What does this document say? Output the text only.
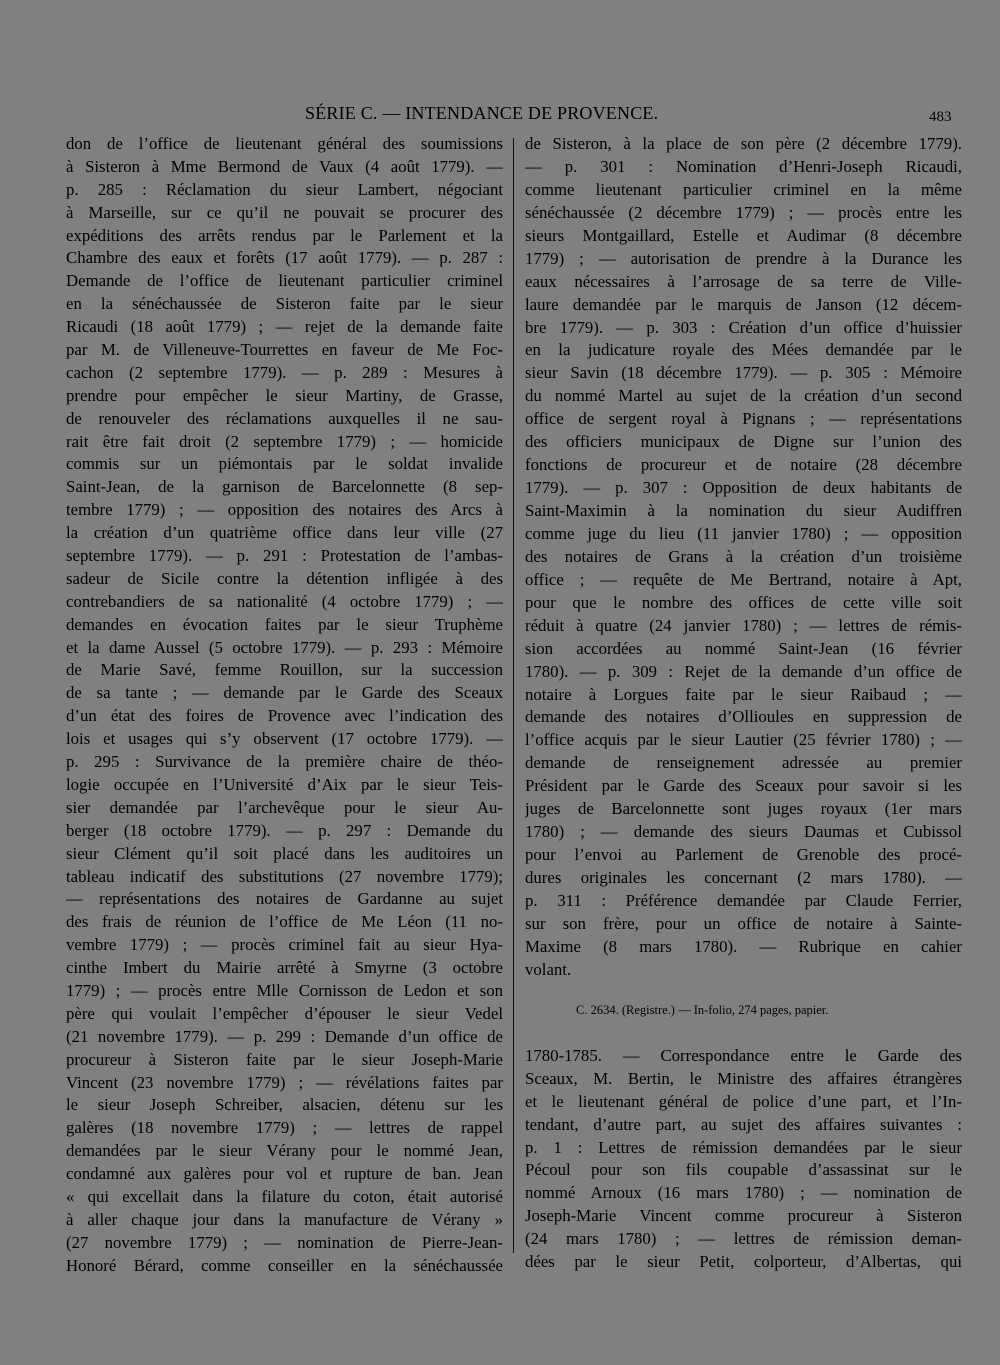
SÉRIE C. — INTENDANCE DE PROVENCE.	483
don de l’office de lieutenant général des soumissions
à Sisteron à Mme Bermond de Vaux (4 août 1779). —
p. 285 : Réclamation du sieur Lambert, négociant
à Marseille, sur ce qu’il ne pouvait se procurer des
expéditions des arrêts rendus par le Parlement et la
Chambre des eaux et forêts (17 août 1779). — p. 287 :
Demande de l’office de lieutenant particulier criminel
en la sénéchaussée de Sisteron faite par le sieur
Ricaudi (18 août 1779) ; — rejet de la demande faite
par M. de Villeneuve-Tourrettes en faveur de Me Foc-
cachon (2 septembre 1779). — p. 289 : Mesures à
prendre pour empêcher le sieur Martiny, de Grasse,
de renouveler des réclamations auxquelles il ne sau-
rait être fait droit (2 septembre 1779) ; — homicide
commis sur un piémontais par le soldat invalide
Saint-Jean, de la garnison de Barcelonnette (8 sep-
tembre 1779) ; — opposition des notaires des Arcs à
la création d’un quatrième office dans leur ville (27
septembre 1779). — p. 291 : Protestation de l’ambas-
sadeur de Sicile contre la détention infligée à des
contrebandiers de sa nationalité (4 octobre 1779) ; —
demandes en évocation faites par le sieur Truphème
et la dame Aussel (5 octobre 1779). — p. 293 : Mémoire
de Marie Savé, femme Rouillon, sur la succession
de sa tante ; — demande par le Garde des Sceaux
d’un état des foires de Provence avec l’indication des
lois et usages qui s’y observent (17 octobre 1779). —
p. 295 : Survivance de la première chaire de théo-
logie occupée en l’Université d’Aix par le sieur Teis-
sier demandée par l’archevêque pour le sieur Au-
berger (18 octobre 1779). — p. 297 : Demande du
sieur Clément qu’il soit placé dans les auditoires un
tableau indicatif des substitutions (27 novembre 1779);
— représentations des notaires de Gardanne au sujet
des frais de réunion de l’office de Me Léon (11 no-
vembre 1779) ; — procès criminel fait au sieur Hya-
cinthe Imbert du Mairie arrêté à Smyrne (3 octobre
1779) ; — procès entre Mlle Cornisson de Ledon et son
père qui voulait l’empêcher d’épouser le sieur Vedel
(21 novembre 1779). — p. 299 : Demande d’un office de
procureur à Sisteron faite par le sieur Joseph-Marie
Vincent (23 novembre 1779) ; — révélations faites par
le sieur Joseph Schreiber, alsacien, détenu sur les
galères (18 novembre 1779) ; — lettres de rappel
demandées par le sieur Vérany pour le nommé Jean,
condamné aux galères pour vol et rupture de ban. Jean
« qui excellait dans la filature du coton, était autorisé
à aller chaque jour dans la manufacture de Vérany »
(27 novembre 1779) ; — nomination de Pierre-Jean-
Honoré Bérard, comme conseiller en la sénéchaussée
de Sisteron, à la place de son père (2 décembre 1779).
— p. 301 : Nomination d’Henri-Joseph Ricaudi,
comme lieutenant particulier criminel en la même
sénéchaussée (2 décembre 1779) ; — procès entre les
sieurs Montgaillard, Estelle et Audimar (8 décembre
1779) ; — autorisation de prendre à la Durance les
eaux nécessaires à l’arrosage de sa terre de Ville-
laure demandée par le marquis de Janson (12 décem-
bre 1779). — p. 303 : Création d’un office d’huissier
en la judicature royale des Mées demandée par le
sieur Savin (18 décembre 1779). — p. 305 : Mémoire
du nommé Martel au sujet de la création d’un second
office de sergent royal à Pignans ; — représentations
des officiers municipaux de Digne sur l’union des
fonctions de procureur et de notaire (28 décembre
1779). — p. 307 : Opposition de deux habitants de
Saint-Maximin à la nomination du sieur Audiffren
comme juge du lieu (11 janvier 1780) ; — opposition
des notaires de Grans à la création d’un troisième
office ; — requête de Me Bertrand, notaire à Apt,
pour que le nombre des offices de cette ville soit
réduit à quatre (24 janvier 1780) ; — lettres de rémis-
sion accordées au nommé Saint-Jean (16 février
1780). — p. 309 : Rejet de la demande d’un office de
notaire à Lorgues faite par le sieur Raibaud ; —
demande des notaires d’Ollioules en suppression de
l’office acquis par le sieur Lautier (25 février 1780) ; —
demande de renseignement adressée au premier
Président par le Garde des Sceaux pour savoir si les
juges de Barcelonnette sont juges royaux (1er mars
1780) ; — demande des sieurs Daumas et Cubissol
pour l’envoi au Parlement de Grenoble des procé-
dures originales les concernant (2 mars 1780). —
p. 311 : Préférence demandée par Claude Ferrier,
sur son frère, pour un office de notaire à Sainte-
Maxime (8 mars 1780). — Rubrique en cahier
volant.
C. 2634. (Registre.) — In-folio, 274 pages, papier.
1780-1785. — Correspondance entre le Garde des
Sceaux, M. Bertin, le Ministre des affaires étrangères
et le lieutenant général de police d’une part, et l’In-
tendant, d’autre part, au sujet des affaires suivantes :
p. 1 : Lettres de rémission demandées par le sieur
Pécoul pour son fils coupable d’assassinat sur le
nommé Arnoux (16 mars 1780) ; — nomination de
Joseph-Marie Vincent comme procureur à Sisteron
(24 mars 1780) ; — lettres de rémission deman-
dées par le sieur Petit, colporteur, d’Albertas, qui
